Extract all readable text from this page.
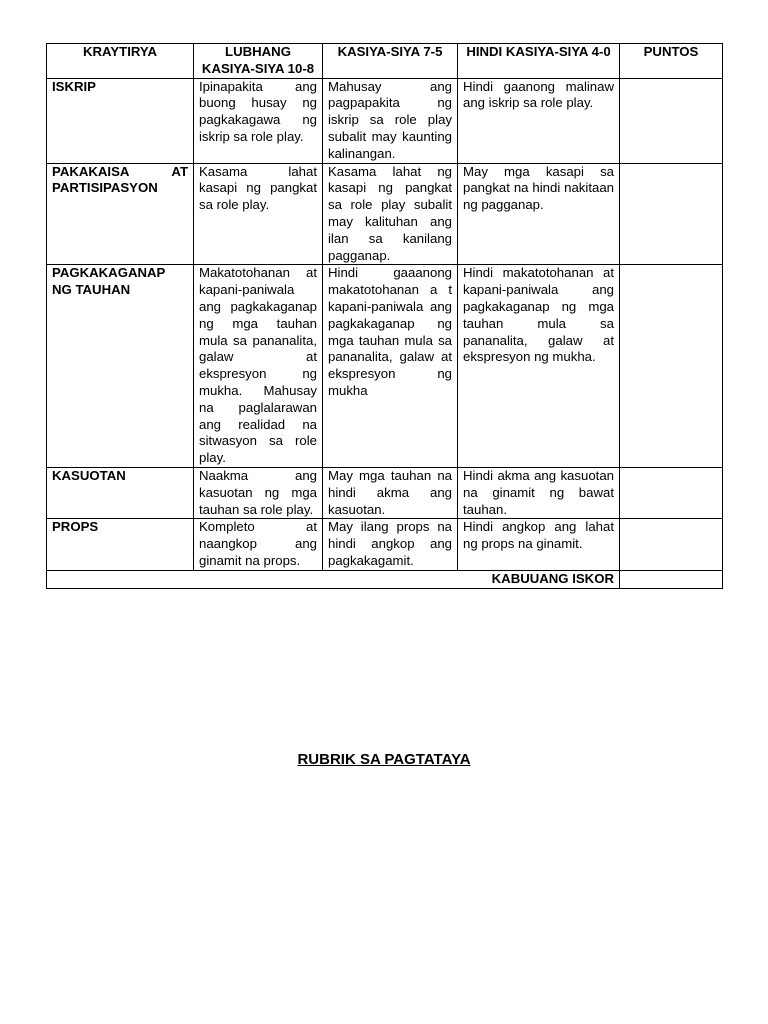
KRAYTIRYA	LUBHANG KASIYA-SIYA 10-8	KASIYA-SIYA 7-5	HINDI KASIYA-SIYA 4-0	PUNTOS
ISKRIP	Ipinapakita ang buong husay ng pagkakagawa ng iskrip sa role play.	Mahusay ang pagpapakita ng iskrip sa role play subalit may kaunting kalinangan.	Hindi gaanong malinaw ang iskrip sa role play.	
PAKAKAISA AT PARTISIPASYON	Kasama lahat kasapi ng pangkat sa role play.	Kasama lahat ng kasapi ng pangkat sa role play subalit may kalituhan ang ilan sa kanilang pagganap.	May mga kasapi sa pangkat na hindi nakitaan ng pagganap.	
PAGKAKAGANAP NG TAUHAN	Makatotohanan at kapani-paniwala ang pagkakaganap ng mga tauhan mula sa pananalita, galaw at ekspresyon ng mukha. Mahusay na paglalarawan ang realidad na sitwasyon sa role play.	Hindi gaaanong makatotohanan a t kapani-paniwala ang pagkakaganap ng mga tauhan mula sa pananalita, galaw at ekspresyon ng mukha	Hindi makatotohanan at kapani-paniwala ang pagkakaganap ng mga tauhan mula sa pananalita, galaw at ekspresyon ng mukha.	
KASUOTAN	Naakma ang kasuotan ng mga tauhan sa role play.	May mga tauhan na hindi akma ang kasuotan.	Hindi akma ang kasuotan na ginamit ng bawat tauhan.	
PROPS	Kompleto at naangkop ang ginamit na props.	May ilang props na hindi angkop ang pagkakagamit.	Hindi angkop ang lahat ng props na ginamit.	
			KABUUANG ISKOR	
RUBRIK SA PAGTATAYA
